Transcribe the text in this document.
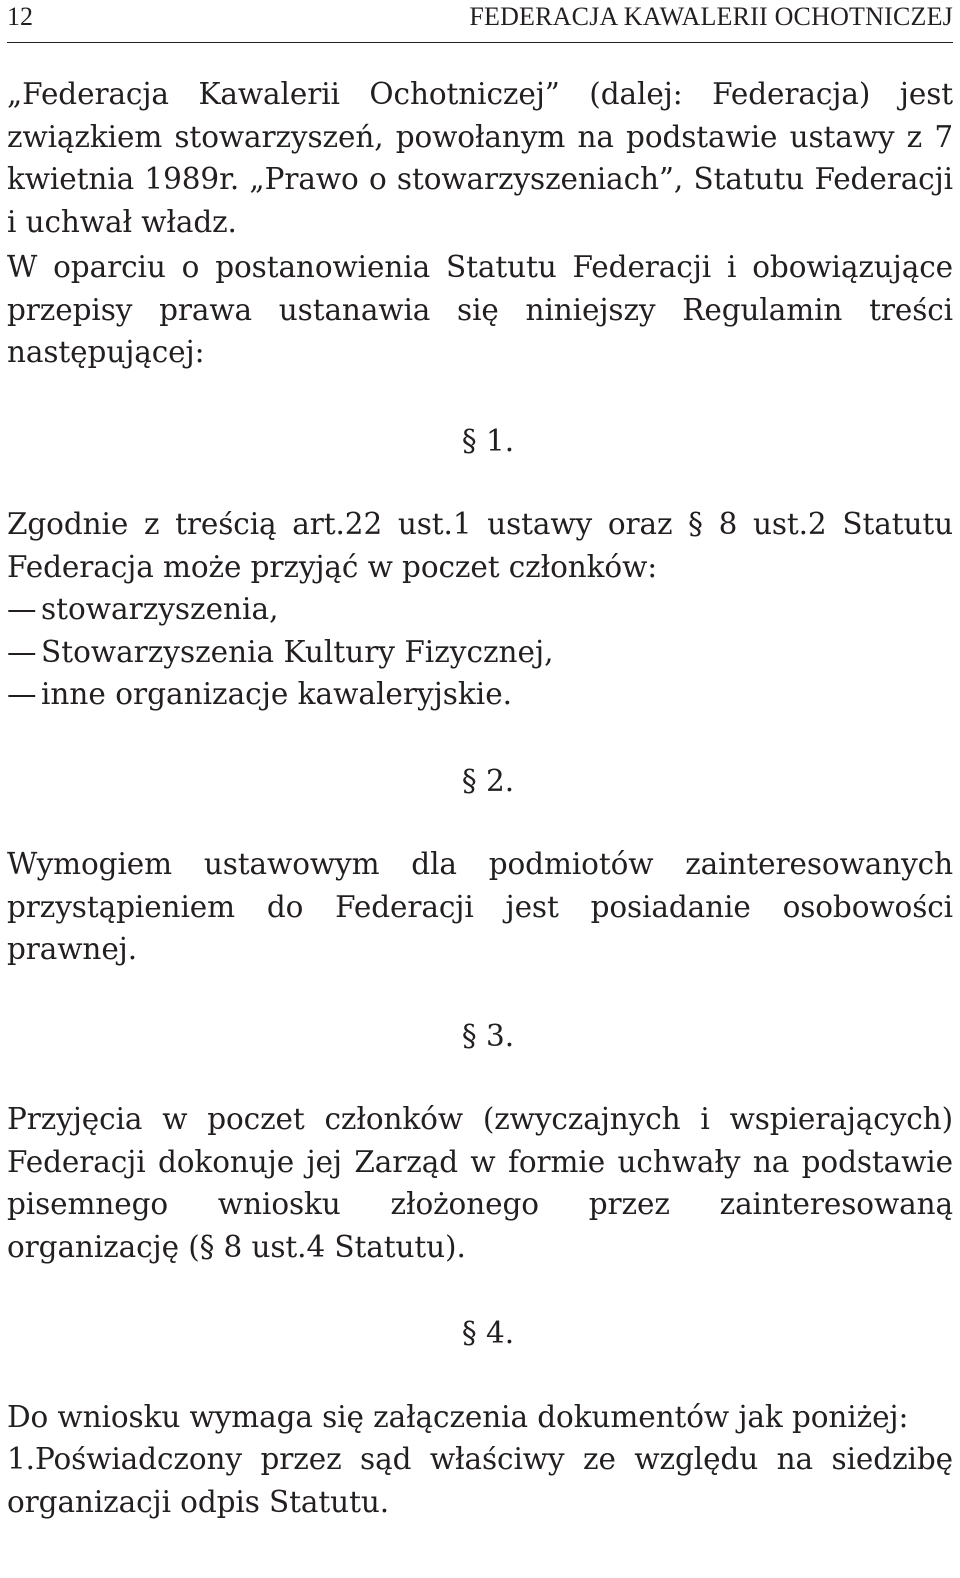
12	FEDERACJA KAWALERII OCHOTNICZEJ

„Federacja Kawalerii Ochotniczej” (dalej: Federacja) jest związkiem stowarzyszeń, powołanym na podstawie ustawy z 7 kwietnia 1989r. „Prawo o stowarzyszeniach”, Statutu Federacji i uchwał władz.

W oparciu o postanowienia Statutu Federacji i obowiązujące przepisy prawa ustanawia się niniejszy Regulamin treści następującej:

§ 1.

Zgodnie z treścią art.22 ust.1 ustawy oraz § 8 ust.2 Statutu Federacja może przyjąć w poczet członków:

— stowarzyszenia,

— Stowarzyszenia Kultury Fizycznej,

— inne organizacje kawaleryjskie.

§ 2.

Wymogiem ustawowym dla podmiotów zainteresowanych przystąpieniem do Federacji jest posiadanie osobowości prawnej.

§ 3.

Przyjęcia w poczet członków (zwyczajnych i wspierających) Federacji dokonuje jej Zarząd w formie uchwały na podstawie pisemnego wniosku złożonego przez zainteresowaną organizację (§ 8 ust.4 Statutu).

§ 4.

Do wniosku wymaga się załączenia dokumentów jak poniżej:

1.Poświadczony przez sąd właściwy ze względu na siedzibę organizacji odpis Statutu.
